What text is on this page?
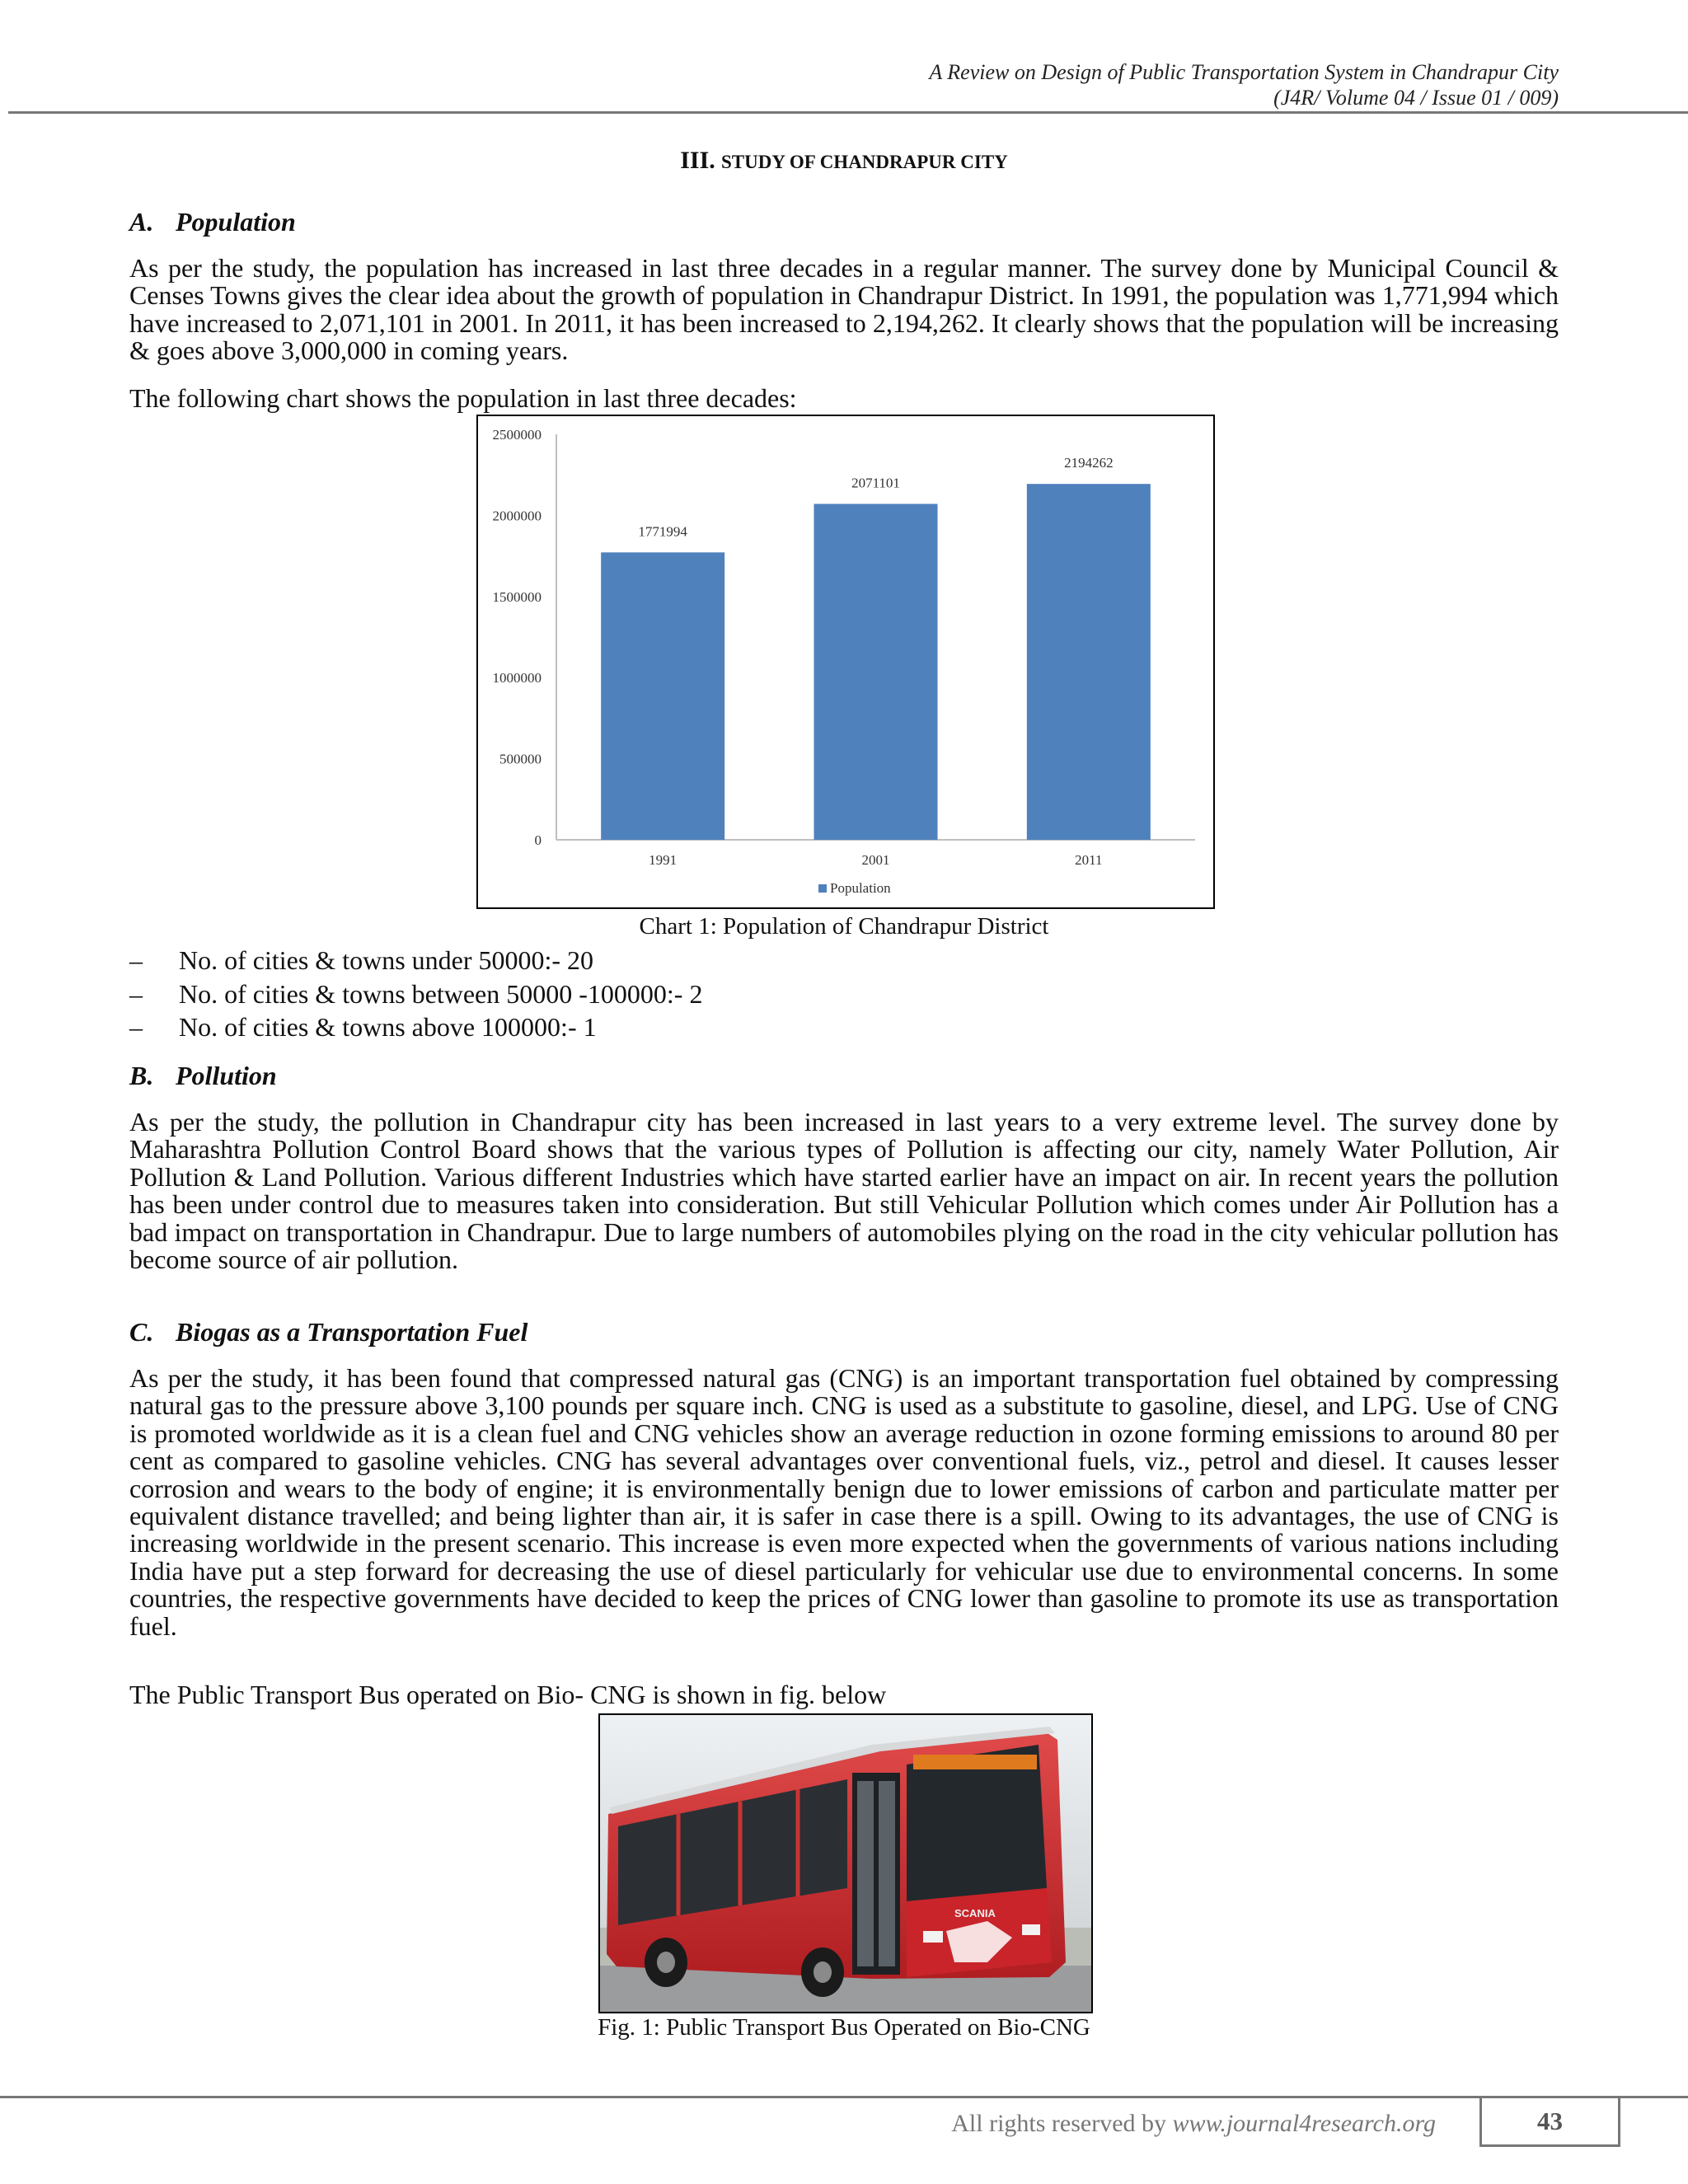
A Review on Design of Public Transportation System in Chandrapur City
(J4R/ Volume 04 / Issue 01 / 009)
III. STUDY OF CHANDRAPUR CITY
A. Population

As per the study, the population has increased in last three decades in a regular manner. The survey done by Municipal Council & Censes Towns gives the clear idea about the growth of population in Chandrapur District. In 1991, the population was 1,771,994 which have increased to 2,071,101 in 2001. In 2011, it has been increased to 2,194,262. It clearly shows that the population will be increasing & goes above 3,000,000 in coming years.

The following chart shows the population in last three decades:
0
500000
1000000
1500000
2000000
2500000
1771994
1991
2071101
2001
2194262
2011
Population
Chart 1: Population of Chandrapur District
– No. of cities & towns under 50000:- 20
– No. of cities & towns between 50000 -100000:- 2
– No. of cities & towns above 100000:- 1
B. Pollution

As per the study, the pollution in Chandrapur city has been increased in last years to a very extreme level. The survey done by Maharashtra Pollution Control Board shows that the various types of Pollution is affecting our city, namely Water Pollution, Air Pollution & Land Pollution. Various different Industries which have started earlier have an impact on air. In recent years the pollution has been under control due to measures taken into consideration. But still Vehicular Pollution which comes under Air Pollution has a bad impact on transportation in Chandrapur. Due to large numbers of automobiles plying on the road in the city vehicular pollution has become source of air pollution.

C. Biogas as a Transportation Fuel

As per the study, it has been found that compressed natural gas (CNG) is an important transportation fuel obtained by compressing natural gas to the pressure above 3,100 pounds per square inch. CNG is used as a substitute to gasoline, diesel, and LPG. Use of CNG is promoted worldwide as it is a clean fuel and CNG vehicles show an average reduction in ozone forming emissions to around 80 per cent as compared to gasoline vehicles. CNG has several advantages over conventional fuels, viz., petrol and diesel. It causes lesser corrosion and wears to the body of engine; it is environmentally benign due to lower emissions of carbon and particulate matter per equivalent distance travelled; and being lighter than air, it is safer in case there is a spill. Owing to its advantages, the use of CNG is increasing worldwide in the present scenario. This increase is even more expected when the governments of various nations including India have put a step forward for decreasing the use of diesel particularly for vehicular use due to environmental concerns. In some countries, the respective governments have decided to keep the prices of CNG lower than gasoline to promote its use as transportation fuel.

The Public Transport Bus operated on Bio- CNG is shown in fig. below
SCANIA
Fig. 1: Public Transport Bus Operated on Bio-CNG
All rights reserved by www.journal4research.org	43
